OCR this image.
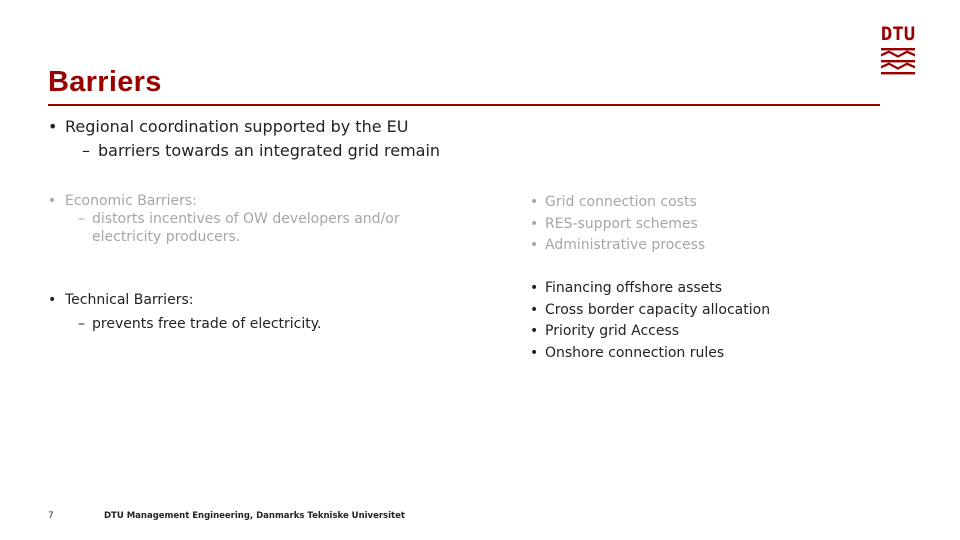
Barriers
DTU
• Regional coordination supported by the EU
– barriers towards an integrated grid remain
• Economic Barriers:
– distorts incentives of OW developers and/or
electricity producers.
• Technical Barriers:
– prevents free trade of electricity.
• Grid connection costs
• RES-support schemes
• Administrative process
• Financing offshore assets
• Cross border capacity allocation
• Priority grid Access
• Onshore connection rules
7	DTU Management Engineering, Danmarks Tekniske Universitet
